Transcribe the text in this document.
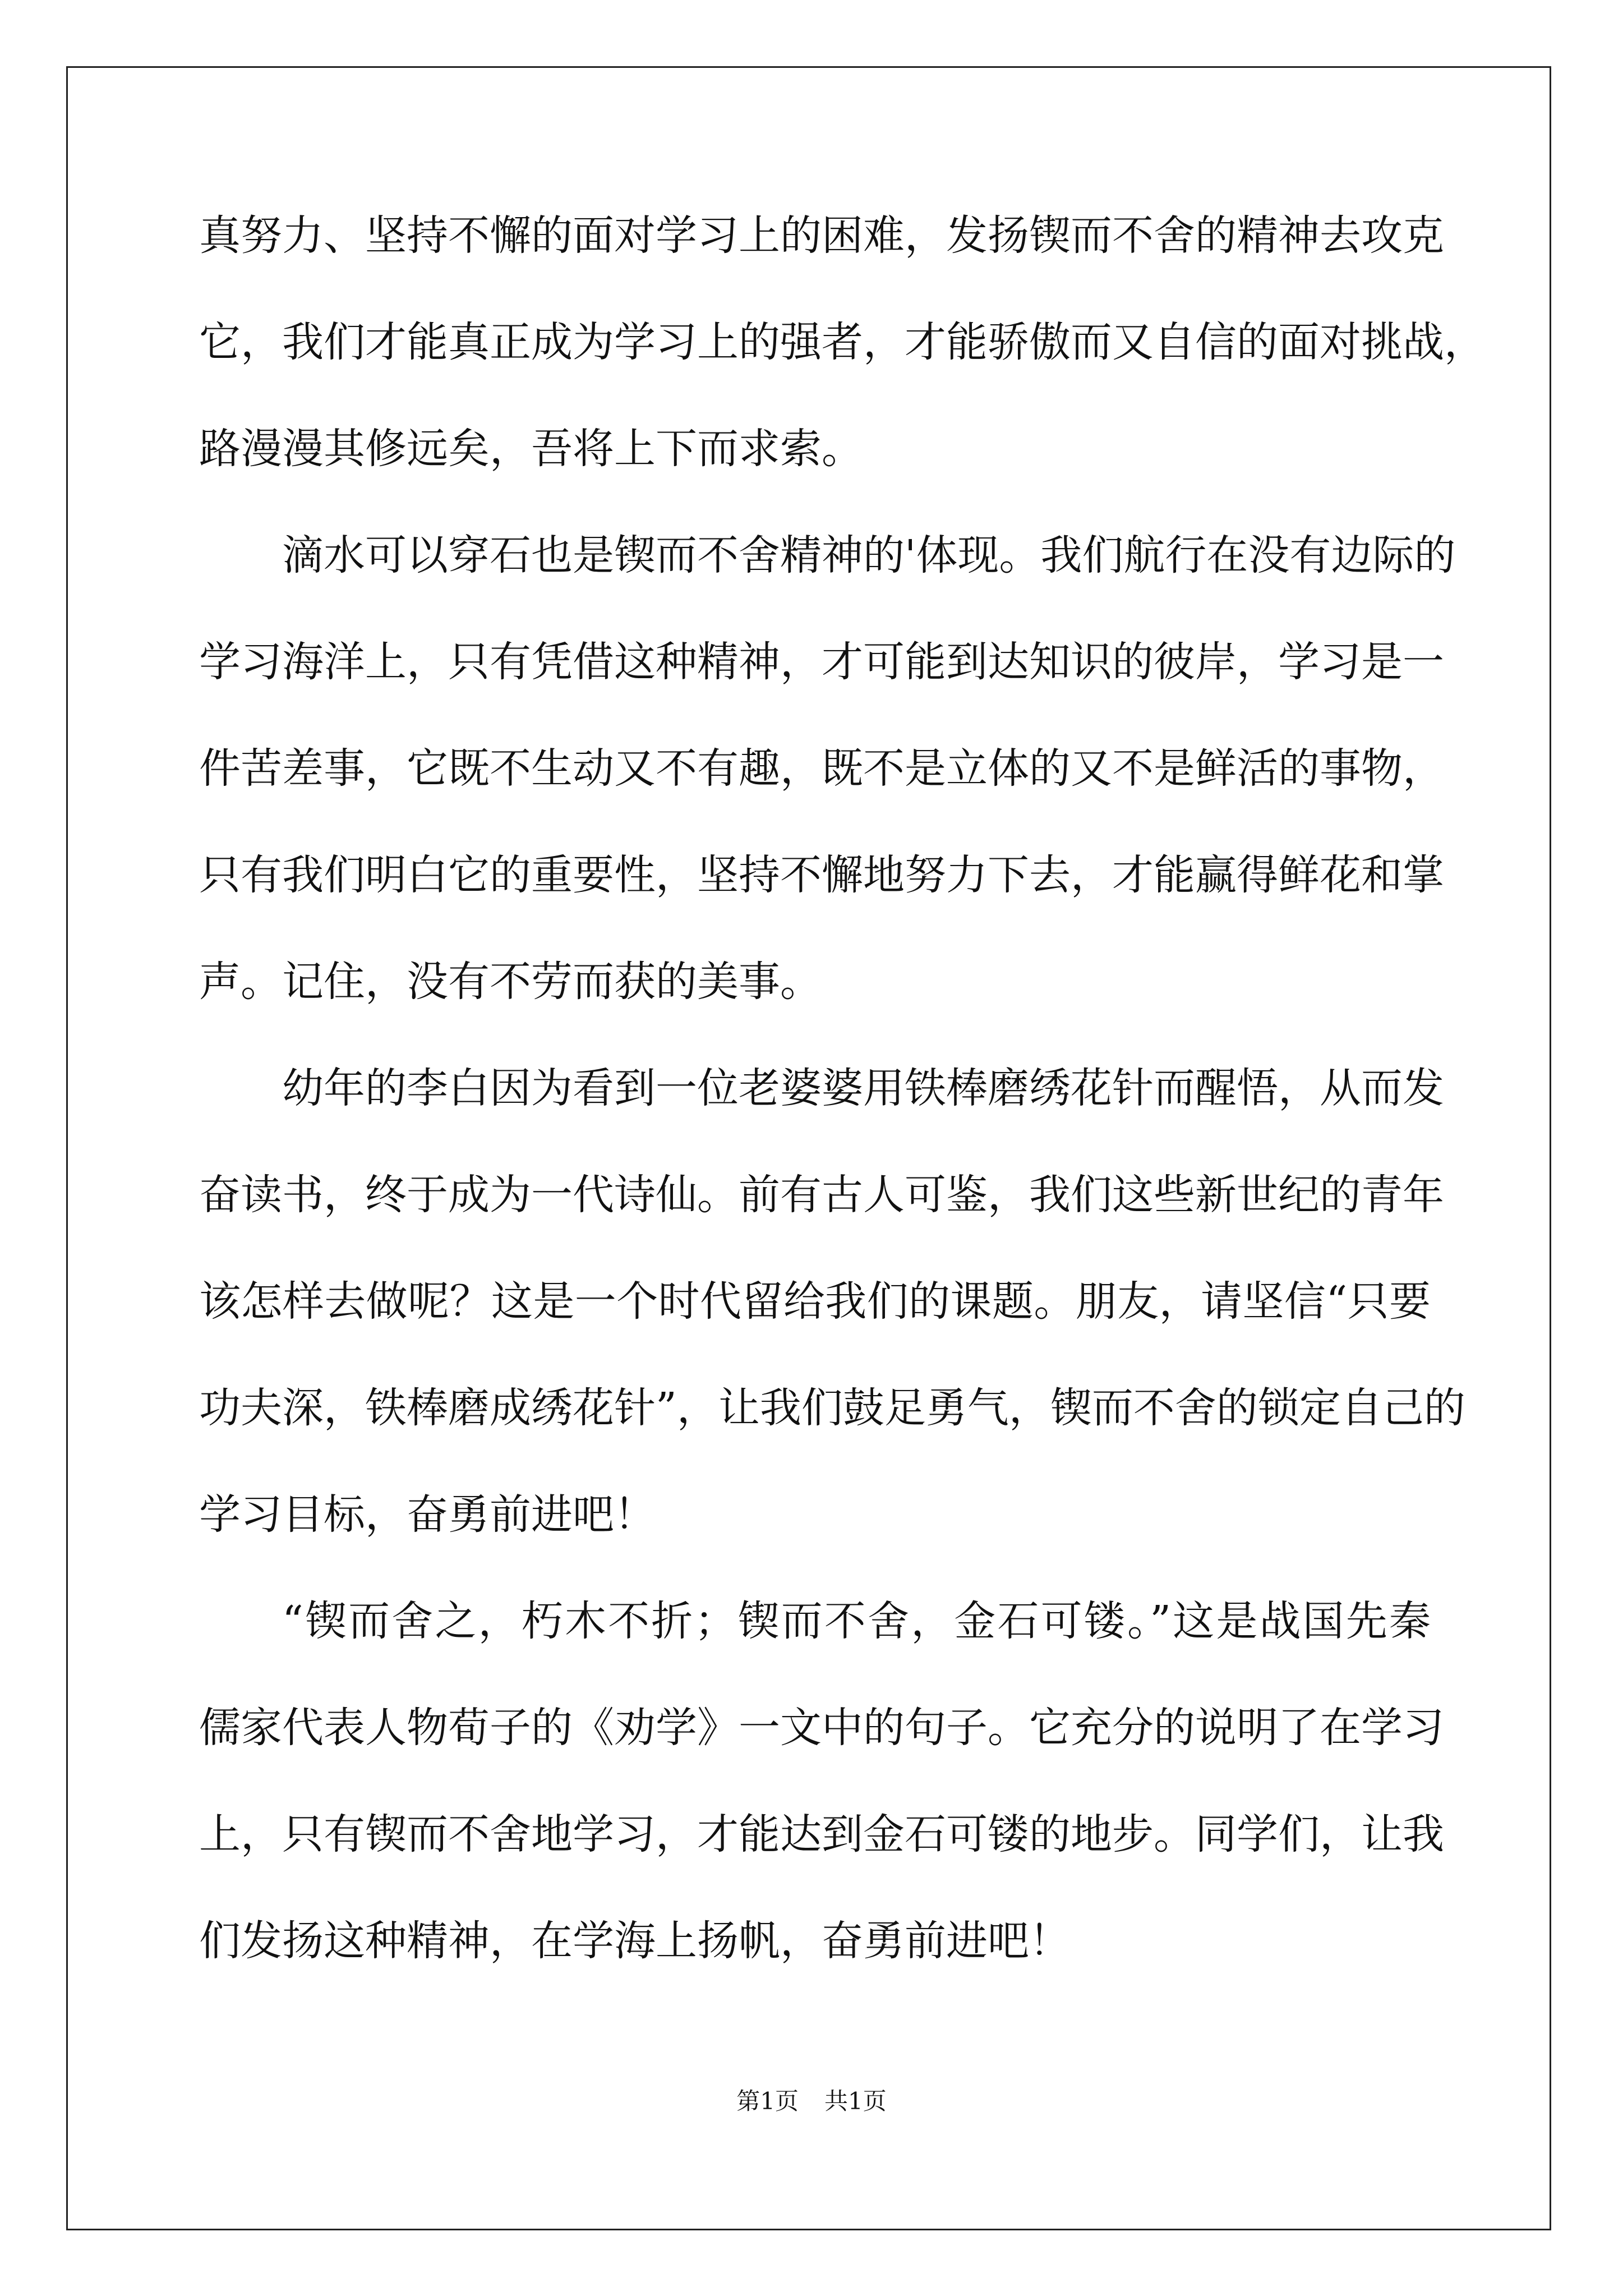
真努力、坚持不懈的面对学习上的困难，发扬锲而不舍的精神去攻克
它，我们才能真正成为学习上的强者，才能骄傲而又自信的面对挑战，
路漫漫其修远矣，吾将上下而求索。
滴水可以穿石也是锲而不舍精神的'体现。我们航行在没有边际的
学习海洋上，只有凭借这种精神，才可能到达知识的彼岸，学习是一
件苦差事，它既不生动又不有趣，既不是立体的又不是鲜活的事物，
只有我们明白它的重要性，坚持不懈地努力下去，才能赢得鲜花和掌
声。记住，没有不劳而获的美事。
幼年的李白因为看到一位老婆婆用铁棒磨绣花针而醒悟，从而发
奋读书，终于成为一代诗仙。前有古人可鉴，我们这些新世纪的青年
该怎样去做呢？这是一个时代留给我们的课题。朋友，请坚信“只要
功夫深，铁棒磨成绣花针”，让我们鼓足勇气，锲而不舍的锁定自己的
学习目标，奋勇前进吧！
“锲而舍之，朽木不折；锲而不舍，金石可镂。”这是战国先秦
儒家代表人物荀子的《劝学》一文中的句子。它充分的说明了在学习
上，只有锲而不舍地学习，才能达到金石可镂的地步。同学们，让我
们发扬这种精神，在学海上扬帆，奋勇前进吧！
第1页 共1页
